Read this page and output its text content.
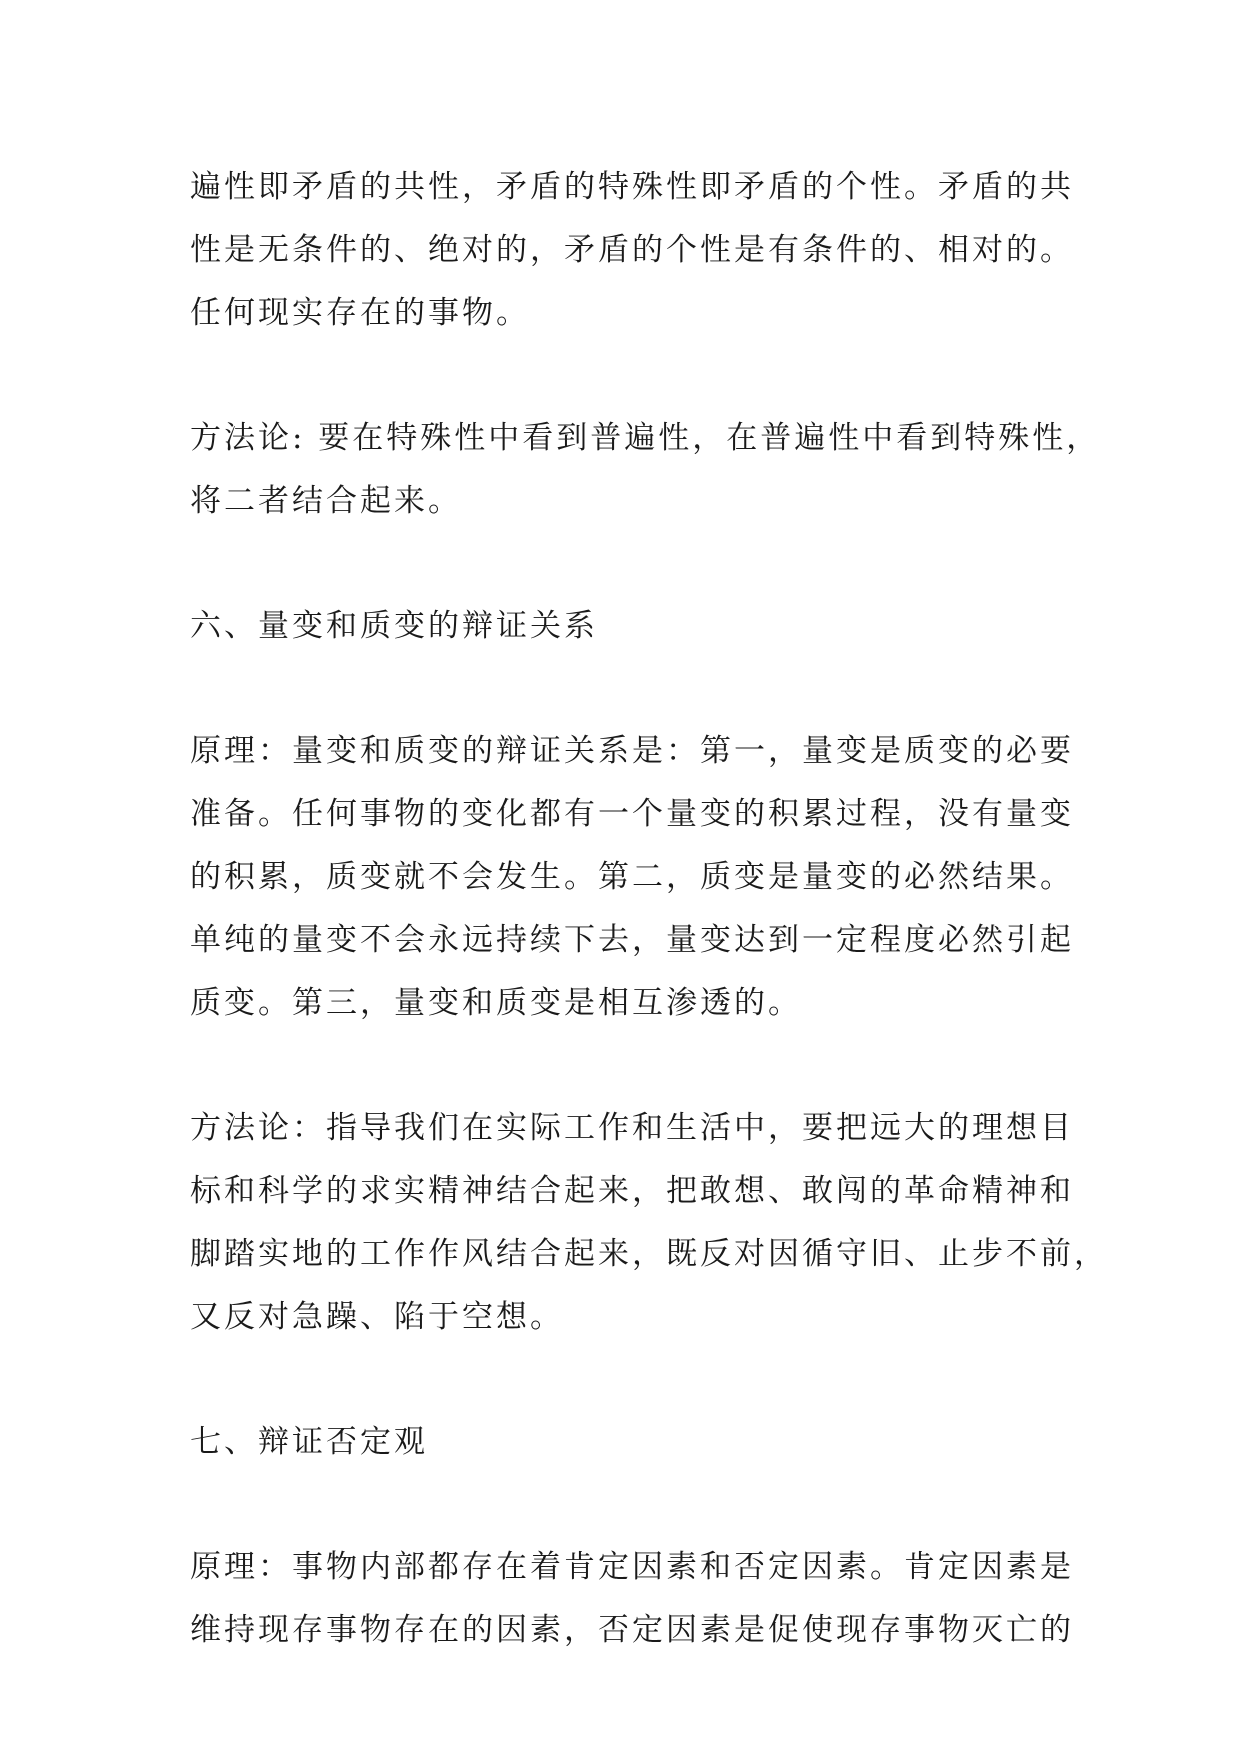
遍性即矛盾的共性，矛盾的特殊性即矛盾的个性。矛盾的共
性是无条件的、绝对的，矛盾的个性是有条件的、相对的。
任何现实存在的事物。
方法论: 要在特殊性中看到普遍性，在普遍性中看到特殊性，
将二者结合起来。
六、量变和质变的辩证关系
原理：量变和质变的辩证关系是：第一，量变是质变的必要
准备。任何事物的变化都有一个量变的积累过程，没有量变
的积累，质变就不会发生。第二，质变是量变的必然结果。
单纯的量变不会永远持续下去，量变达到一定程度必然引起
质变。第三，量变和质变是相互渗透的。
方法论：指导我们在实际工作和生活中，要把远大的理想目
标和科学的求实精神结合起来，把敢想、敢闯的革命精神和
脚踏实地的工作作风结合起来，既反对因循守旧、止步不前，
又反对急躁、陷于空想。
七、辩证否定观
原理：事物内部都存在着肯定因素和否定因素。肯定因素是
维持现存事物存在的因素，否定因素是促使现存事物灭亡的
